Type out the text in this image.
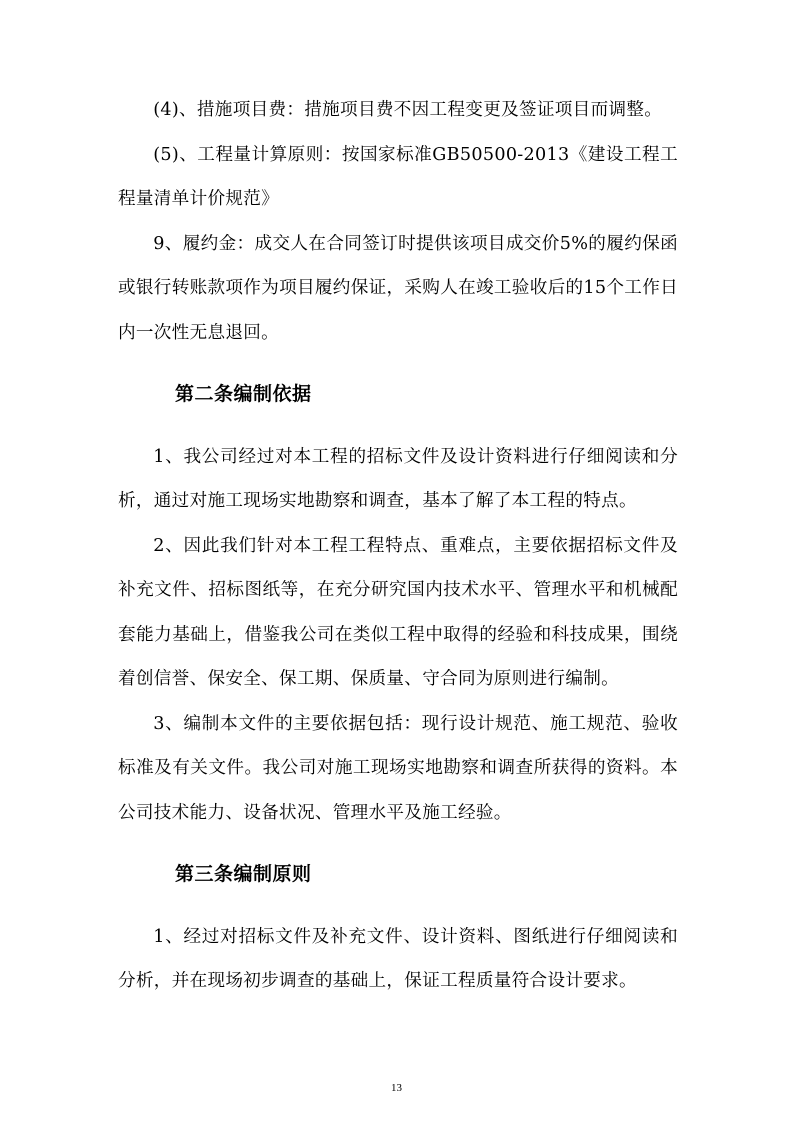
(4)、措施项目费：措施项目费不因工程变更及签证项目而调整。

(5)、工程量计算原则：按国家标准GB50500-2013《建设工程工程量清单计价规范》

9、履约金：成交人在合同签订时提供该项目成交价5%的履约保函或银行转账款项作为项目履约保证，采购人在竣工验收后的15个工作日内一次性无息退回。

第二条编制依据

1、我公司经过对本工程的招标文件及设计资料进行仔细阅读和分析，通过对施工现场实地勘察和调查，基本了解了本工程的特点。

2、因此我们针对本工程工程特点、重难点，主要依据招标文件及补充文件、招标图纸等，在充分研究国内技术水平、管理水平和机械配套能力基础上，借鉴我公司在类似工程中取得的经验和科技成果，围绕着创信誉、保安全、保工期、保质量、守合同为原则进行编制。

3、编制本文件的主要依据包括：现行设计规范、施工规范、验收标准及有关文件。我公司对施工现场实地勘察和调查所获得的资料。本公司技术能力、设备状况、管理水平及施工经验。

第三条编制原则

1、经过对招标文件及补充文件、设计资料、图纸进行仔细阅读和分析，并在现场初步调查的基础上，保证工程质量符合设计要求。

13
